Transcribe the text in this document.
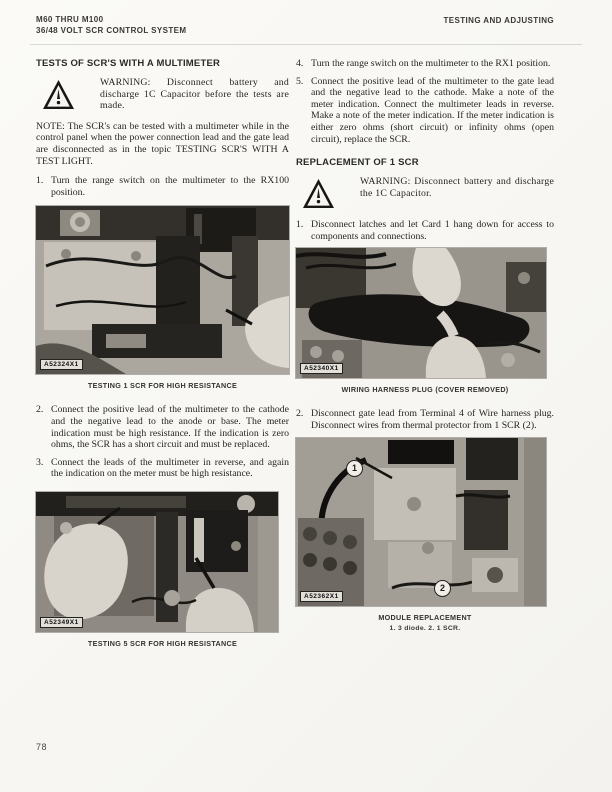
M60 THRU M100
36/48 VOLT SCR CONTROL SYSTEM
TESTING AND ADJUSTING
TESTS OF SCR'S WITH A MULTIMETER
WARNING: Disconnect battery and discharge 1C Capacitor before the tests are made.

NOTE: The SCR's can be tested with a multimeter while in the control panel when the power connection lead and the gate lead are disconnected as in the topic TESTING SCR'S WITH A TEST LIGHT.

1. Turn the range switch on the multimeter to the RX100 position.
A52324X1
TESTING 1 SCR FOR HIGH RESISTANCE
2. Connect the positive lead of the multimeter to the cathode and the negative lead to the anode or base. The meter indication must be high resistance. If the indication is zero ohms, the SCR has a short circuit and must be replaced.
3. Connect the leads of the multimeter in reverse, and again the indication on the meter must be high resistance.
A52349X1
TESTING 5 SCR FOR HIGH RESISTANCE
4. Turn the range switch on the multimeter to the RX1 position.
5. Connect the positive lead of the multimeter to the gate lead and the negative lead to the cathode. Make a note of the meter indication. Connect the multimeter leads in reverse. Make a note of the meter indication. If the meter indication is either zero ohms (short circuit) or infinity ohms (open circuit), replace the SCR.
REPLACEMENT OF 1 SCR
WARNING: Disconnect battery and discharge the 1C Capacitor.
1. Disconnect latches and let Card 1 hang down for access to components and connections.
A52340X1
WIRING HARNESS PLUG (COVER REMOVED)
2. Disconnect gate lead from Terminal 4 of Wire harness plug. Disconnect wires from thermal protector from 1 SCR (2).
1
2
A52362X1
MODULE REPLACEMENT
1. 3 diode. 2. 1 SCR.
78
